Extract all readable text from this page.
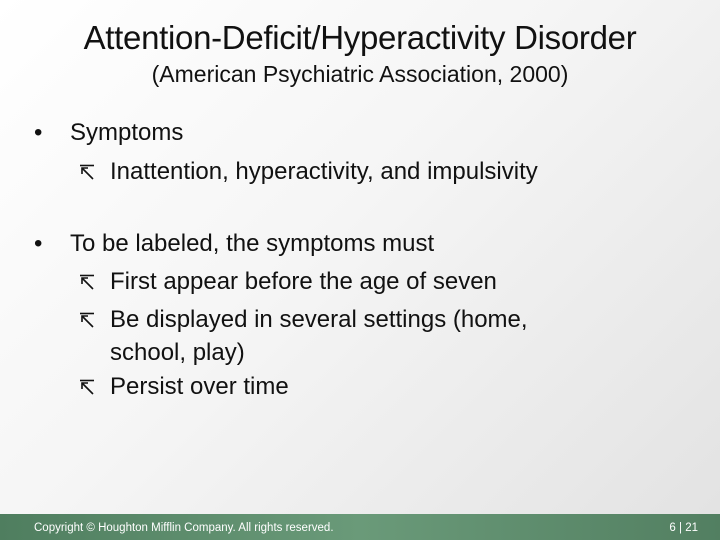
Attention-Deficit/Hyperactivity Disorder
(American Psychiatric Association, 2000)
• Symptoms
Inattention, hyperactivity, and impulsivity
• To be labeled, the symptoms must
First appear before the age of seven
Be displayed in several settings (home, school, play)
Persist over time
Copyright © Houghton Mifflin Company. All rights reserved.	6 | 21
